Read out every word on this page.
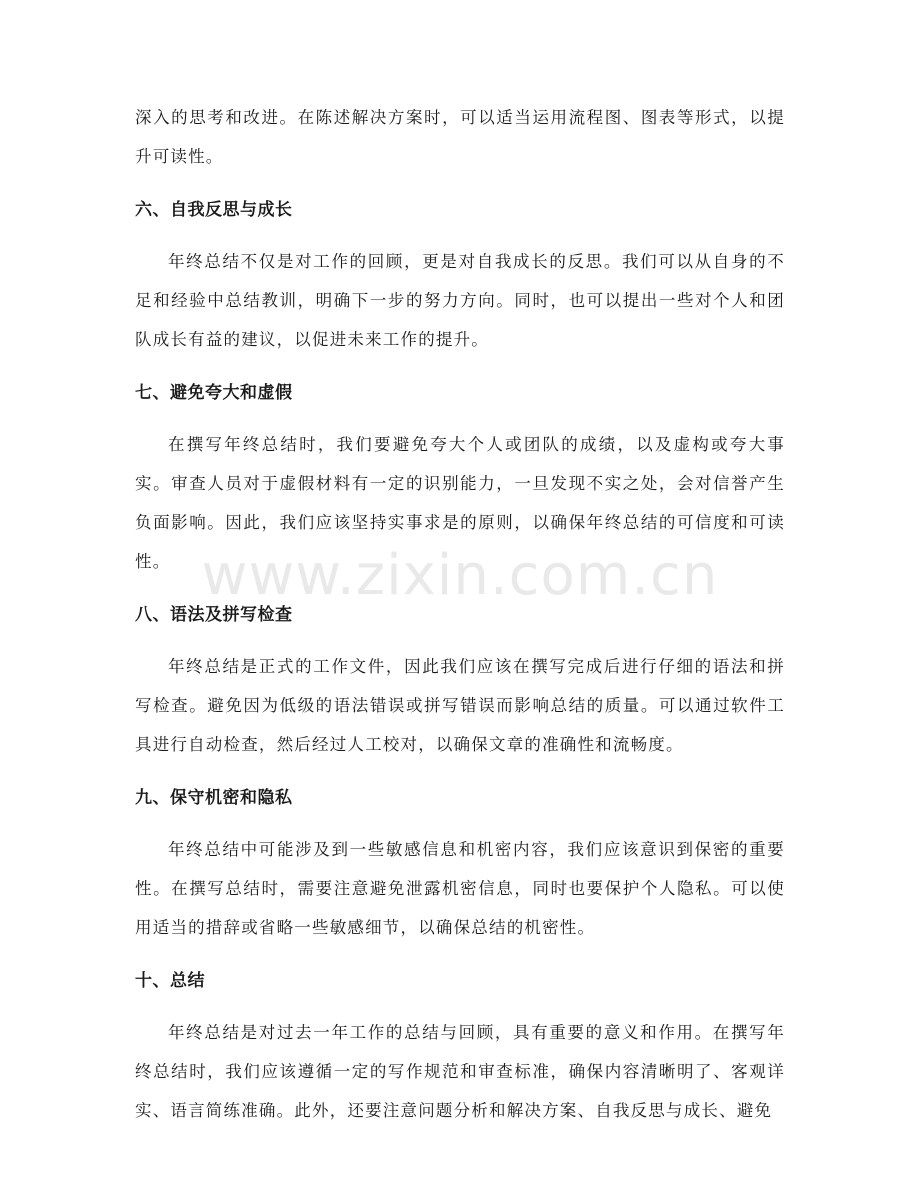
深入的思考和改进。在陈述解决方案时，可以适当运用流程图、图表等形式，以提升可读性。

六、自我反思与成长

年终总结不仅是对工作的回顾，更是对自我成长的反思。我们可以从自身的不足和经验中总结教训，明确下一步的努力方向。同时，也可以提出一些对个人和团队成长有益的建议，以促进未来工作的提升。

七、避免夸大和虚假

在撰写年终总结时，我们要避免夸大个人或团队的成绩，以及虚构或夸大事实。审查人员对于虚假材料有一定的识别能力，一旦发现不实之处，会对信誉产生负面影响。因此，我们应该坚持实事求是的原则，以确保年终总结的可信度和可读性。

八、语法及拼写检查

年终总结是正式的工作文件，因此我们应该在撰写完成后进行仔细的语法和拼写检查。避免因为低级的语法错误或拼写错误而影响总结的质量。可以通过软件工具进行自动检查，然后经过人工校对，以确保文章的准确性和流畅度。

九、保守机密和隐私

年终总结中可能涉及到一些敏感信息和机密内容，我们应该意识到保密的重要性。在撰写总结时，需要注意避免泄露机密信息，同时也要保护个人隐私。可以使用适当的措辞或省略一些敏感细节，以确保总结的机密性。

十、总结

年终总结是对过去一年工作的总结与回顾，具有重要的意义和作用。在撰写年终总结时，我们应该遵循一定的写作规范和审查标准，确保内容清晰明了、客观详实、语言简练准确。此外，还要注意问题分析和解决方案、自我反思与成长、避免

www.zixin.com.cn
